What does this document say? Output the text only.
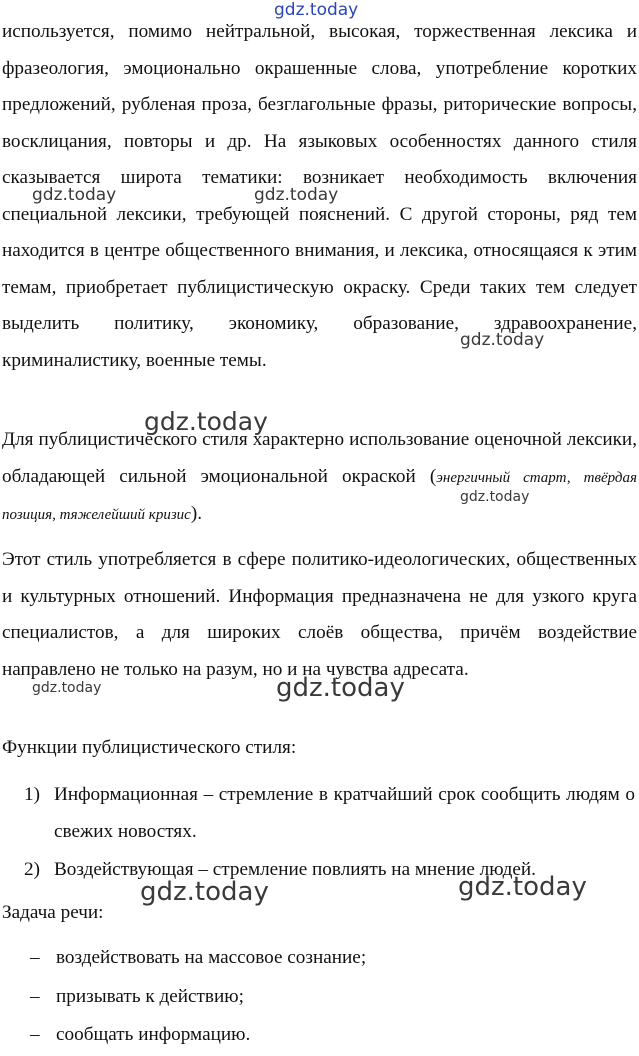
используется, помимо нейтральной, высокая, торжественная лексика и фразеология, эмоционально окрашенные слова, употребление коротких предложений, рубленая проза, безглагольные фразы, риторические вопросы, восклицания, повторы и др. На языковых особенностях данного стиля сказывается широта тематики: возникает необходимость включения специальной лексики, требующей пояснений. С другой стороны, ряд тем находится в центре общественного внимания, и лексика, относящаяся к этим темам, приобретает публицистическую окраску. Среди таких тем следует выделить политику, экономику, образование, здравоохранение, криминалистику, военные темы.

Для публицистического стиля характерно использование оценочной лексики, обладающей сильной эмоциональной окраской (энергичный старт, твёрдая позиция, тяжелейший кризис).

Этот стиль употребляется в сфере политико-идеологических, общественных и культурных отношений. Информация предназначена не для узкого круга специалистов, а для широких слоёв общества, причём воздействие направлено не только на разум, но и на чувства адресата.

Функции публицистического стиля:

1) Информационная – стремление в кратчайший срок сообщить людям о свежих новостях.
2) Воздействующая – стремление повлиять на мнение людей.

Задача речи:

– воздействовать на массовое сознание;
– призывать к действию;
– сообщать информацию.
gdz.today
gdz.today	gdz.today
gdz.today
gdz.today
gdz.today
gdz.today	gdz.today
gdz.today	gdz.today
